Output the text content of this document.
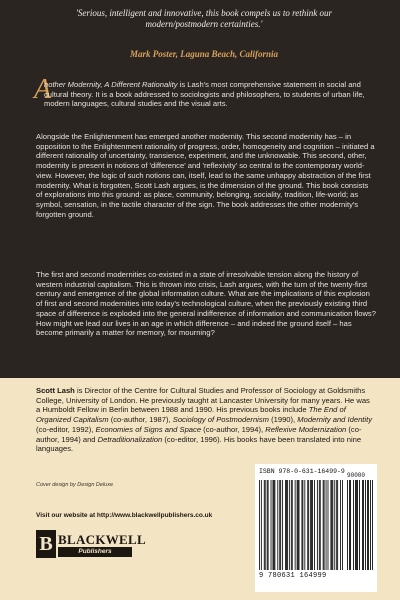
'Serious, intelligent and innovative, this book compels us to rethink our modern/postmodern certainties.'
Mark Poster, Laguna Beach, California
A

nother Modernity, A Different Rationality is Lash's most comprehensive statement in social and cultural theory. It is a book addressed to sociologists and philosophers, to students of urban life, modern languages, cultural studies and the visual arts.

Alongside the Enlightenment has emerged another modernity. This second modernity has – in opposition to the Enlightenment rationality of progress, order, homogeneity and cognition – initiated a different rationality of uncertainty, transience, experiment, and the unknowable. This second, other, modernity is present in notions of 'difference' and 'reflexivity' so central to the contemporary world-view. However, the logic of such notions can, itself, lead to the same unhappy abstraction of the first modernity. What is forgotten, Scott Lash argues, is the dimension of the ground. This book consists of explorations into this ground: as place, community, belonging, sociality, tradition, life-world; as symbol, sensation, in the tactile character of the sign. The book addresses the other modernity's forgotten ground.

The first and second modernities co-existed in a state of irresolvable tension along the history of western industrial capitalism. This is thrown into crisis, Lash argues, with the turn of the twenty-first century and emergence of the global information culture. What are the implications of this explosion of first and second modernities into today's technological culture, when the previously existing third space of difference is exploded into the general indifference of information and communication flows? How might we lead our lives in an age in which difference – and indeed the ground itself – has become primarily a matter for memory, for mourning?

Scott Lash is Director of the Centre for Cultural Studies and Professor of Sociology at Goldsmiths College, University of London. He previously taught at Lancaster University for many years. He was a Humboldt Fellow in Berlin between 1988 and 1990. His previous books include The End of Organized Capitalism (co-author, 1987), Sociology of Postmodernism (1990), Modernity and Identity (co-editor, 1992), Economies of Signs and Space (co-author, 1994), Reflexive Modernization (co-author, 1994) and Detraditionalization (co-editor, 1996). His books have been translated into nine languages.

Cover design by Design Deluxe
Visit our website at http://www.blackwellpublishers.co.uk
B BLACKWELL
Publishers
ISBN 978-0-631-16499-9
90000
9 780631 164999
